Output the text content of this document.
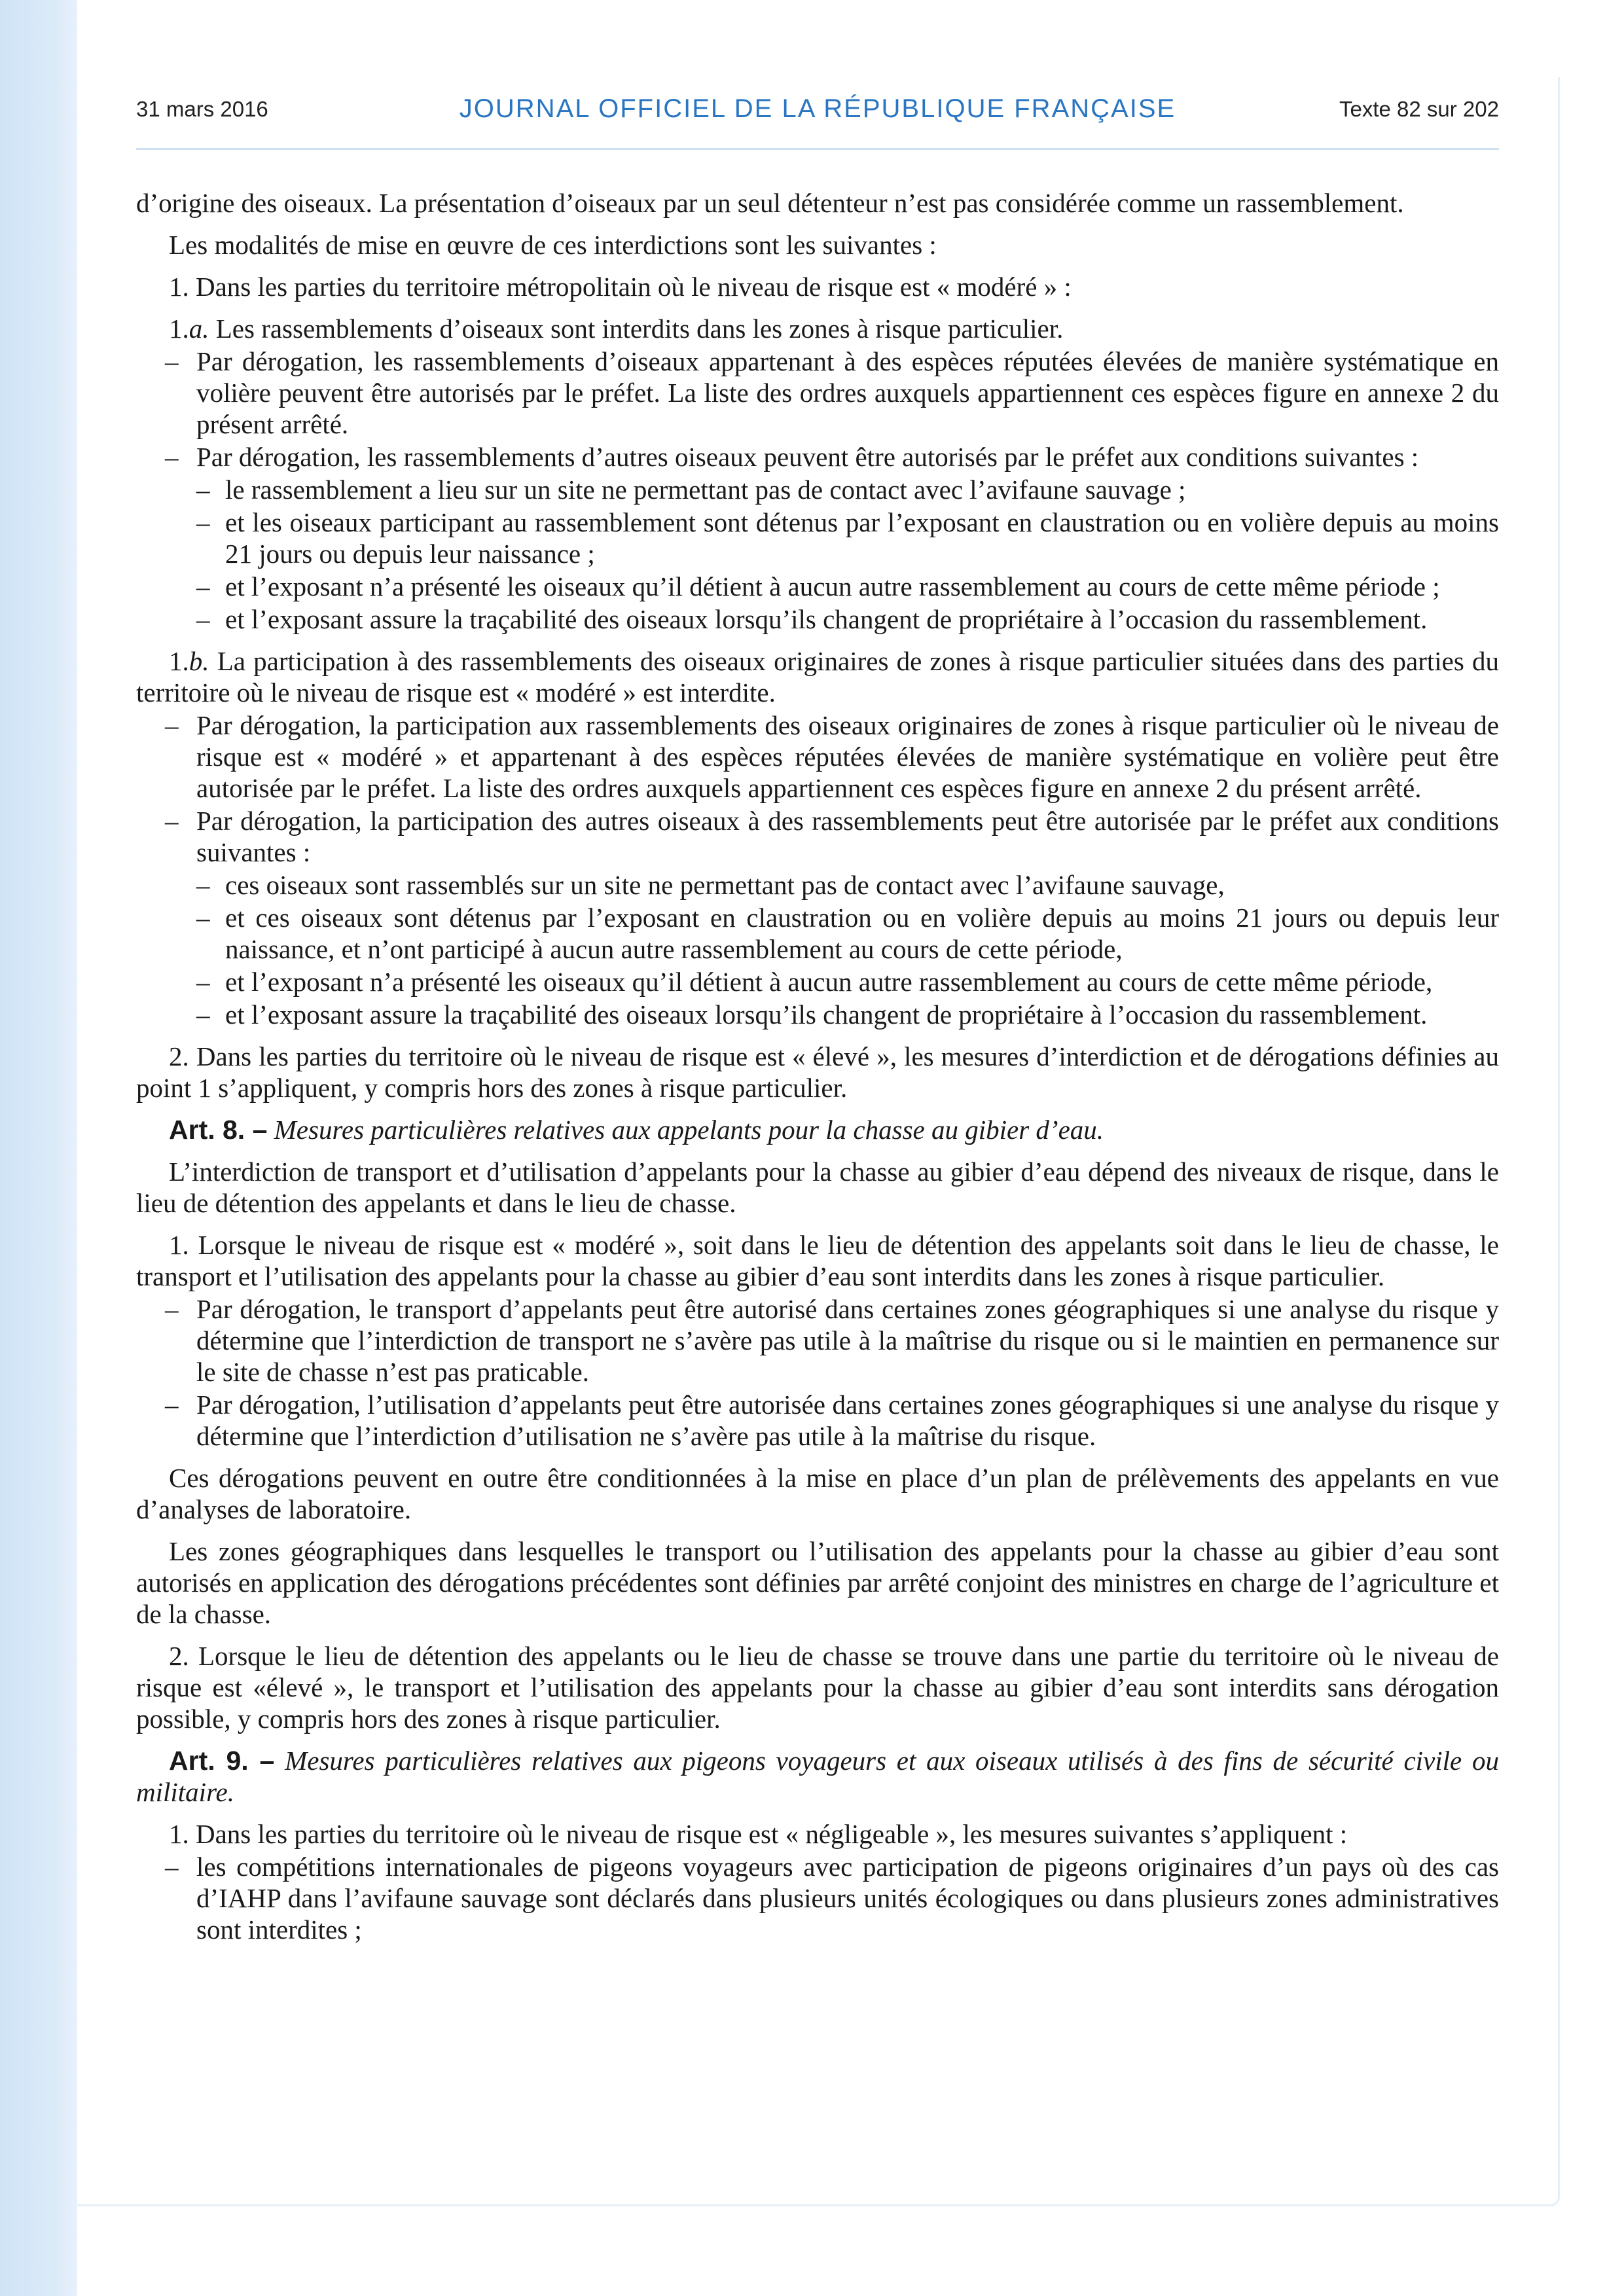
31 mars 2016	JOURNAL OFFICIEL DE LA RÉPUBLIQUE FRANÇAISE	Texte 82 sur 202

d’origine des oiseaux. La présentation d’oiseaux par un seul détenteur n’est pas considérée comme un rassemblement.

Les modalités de mise en œuvre de ces interdictions sont les suivantes :

1. Dans les parties du territoire métropolitain où le niveau de risque est « modéré » :

1.a. Les rassemblements d’oiseaux sont interdits dans les zones à risque particulier.

– Par dérogation, les rassemblements d’oiseaux appartenant à des espèces réputées élevées de manière systématique en volière peuvent être autorisés par le préfet. La liste des ordres auxquels appartiennent ces espèces figure en annexe 2 du présent arrêté.

– Par dérogation, les rassemblements d’autres oiseaux peuvent être autorisés par le préfet aux conditions suivantes :

– le rassemblement a lieu sur un site ne permettant pas de contact avec l’avifaune sauvage ;

– et les oiseaux participant au rassemblement sont détenus par l’exposant en claustration ou en volière depuis au moins 21 jours ou depuis leur naissance ;

– et l’exposant n’a présenté les oiseaux qu’il détient à aucun autre rassemblement au cours de cette même période ;

– et l’exposant assure la traçabilité des oiseaux lorsqu’ils changent de propriétaire à l’occasion du rassemblement.

1.b. La participation à des rassemblements des oiseaux originaires de zones à risque particulier situées dans des parties du territoire où le niveau de risque est « modéré » est interdite.

– Par dérogation, la participation aux rassemblements des oiseaux originaires de zones à risque particulier où le niveau de risque est « modéré » et appartenant à des espèces réputées élevées de manière systématique en volière peut être autorisée par le préfet. La liste des ordres auxquels appartiennent ces espèces figure en annexe 2 du présent arrêté.

– Par dérogation, la participation des autres oiseaux à des rassemblements peut être autorisée par le préfet aux conditions suivantes :

– ces oiseaux sont rassemblés sur un site ne permettant pas de contact avec l’avifaune sauvage,

– et ces oiseaux sont détenus par l’exposant en claustration ou en volière depuis au moins 21 jours ou depuis leur naissance, et n’ont participé à aucun autre rassemblement au cours de cette période,

– et l’exposant n’a présenté les oiseaux qu’il détient à aucun autre rassemblement au cours de cette même période,

– et l’exposant assure la traçabilité des oiseaux lorsqu’ils changent de propriétaire à l’occasion du rassemblement.

2. Dans les parties du territoire où le niveau de risque est « élevé », les mesures d’interdiction et de dérogations définies au point 1 s’appliquent, y compris hors des zones à risque particulier.

Art. 8. – Mesures particulières relatives aux appelants pour la chasse au gibier d’eau.

L’interdiction de transport et d’utilisation d’appelants pour la chasse au gibier d’eau dépend des niveaux de risque, dans le lieu de détention des appelants et dans le lieu de chasse.

1. Lorsque le niveau de risque est « modéré », soit dans le lieu de détention des appelants soit dans le lieu de chasse, le transport et l’utilisation des appelants pour la chasse au gibier d’eau sont interdits dans les zones à risque particulier.

– Par dérogation, le transport d’appelants peut être autorisé dans certaines zones géographiques si une analyse du risque y détermine que l’interdiction de transport ne s’avère pas utile à la maîtrise du risque ou si le maintien en permanence sur le site de chasse n’est pas praticable.

– Par dérogation, l’utilisation d’appelants peut être autorisée dans certaines zones géographiques si une analyse du risque y détermine que l’interdiction d’utilisation ne s’avère pas utile à la maîtrise du risque.

Ces dérogations peuvent en outre être conditionnées à la mise en place d’un plan de prélèvements des appelants en vue d’analyses de laboratoire.

Les zones géographiques dans lesquelles le transport ou l’utilisation des appelants pour la chasse au gibier d’eau sont autorisés en application des dérogations précédentes sont définies par arrêté conjoint des ministres en charge de l’agriculture et de la chasse.

2. Lorsque le lieu de détention des appelants ou le lieu de chasse se trouve dans une partie du territoire où le niveau de risque est «élevé », le transport et l’utilisation des appelants pour la chasse au gibier d’eau sont interdits sans dérogation possible, y compris hors des zones à risque particulier.

Art. 9. – Mesures particulières relatives aux pigeons voyageurs et aux oiseaux utilisés à des fins de sécurité civile ou militaire.

1. Dans les parties du territoire où le niveau de risque est « négligeable », les mesures suivantes s’appliquent :

– les compétitions internationales de pigeons voyageurs avec participation de pigeons originaires d’un pays où des cas d’IAHP dans l’avifaune sauvage sont déclarés dans plusieurs unités écologiques ou dans plusieurs zones administratives sont interdites ;
